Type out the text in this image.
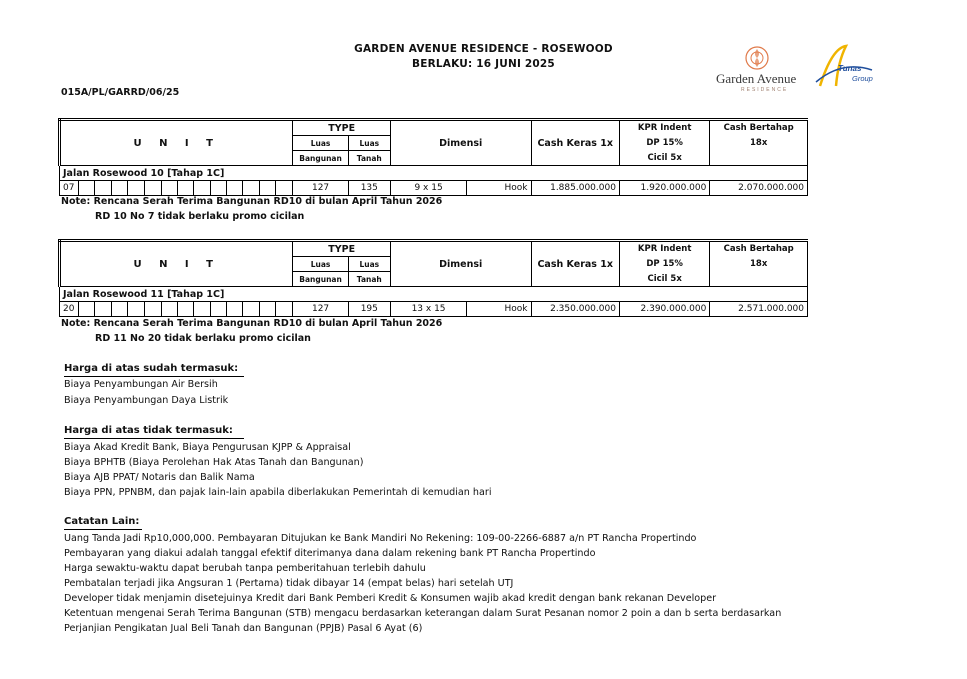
GARDEN AVENUE RESIDENCE - ROSEWOOD
BERLAKU: 16 JUNI 2025
015A/PL/GARRD/06/25
Garden Avenue
RESIDENCE
Tunas
Group
U N I T														TYPE		Dimensi		Cash Keras 1x	KPR Indent	Cash Bertahap
														Luas	Luas				DP 15%	18x
														Bangunan	Tanah				Cicil 5x	
Jalan Rosewood 10 [Tahap 1C]																				
07														127	135	9 x 15	Hook	1.885.000.000	1.920.000.000	2.070.000.000
Note: Rencana Serah Terima Bangunan RD10 di bulan April Tahun 2026
RD 10 No 7 tidak berlaku promo cicilan
U N I T														TYPE		Dimensi		Cash Keras 1x	KPR Indent	Cash Bertahap
														Luas	Luas				DP 15%	18x
														Bangunan	Tanah				Cicil 5x	
Jalan Rosewood 11 [Tahap 1C]																				
20														127	195	13 x 15	Hook	2.350.000.000	2.390.000.000	2.571.000.000
Note: Rencana Serah Terima Bangunan RD10 di bulan April Tahun 2026
RD 11 No 20 tidak berlaku promo cicilan
Harga di atas sudah termasuk:
Biaya Penyambungan Air Bersih
Biaya Penyambungan Daya Listrik
Harga di atas tidak termasuk:
Biaya Akad Kredit Bank, Biaya Pengurusan KJPP & Appraisal
Biaya BPHTB (Biaya Perolehan Hak Atas Tanah dan Bangunan)
Biaya AJB PPAT/ Notaris dan Balik Nama
Biaya PPN, PPNBM, dan pajak lain-lain apabila diberlakukan Pemerintah di kemudian hari
Catatan Lain:
Uang Tanda Jadi Rp10,000,000. Pembayaran Ditujukan ke Bank Mandiri No Rekening: 109-00-2266-6887 a/n PT Rancha Propertindo
Pembayaran yang diakui adalah tanggal efektif diterimanya dana dalam rekening bank PT Rancha Propertindo
Harga sewaktu-waktu dapat berubah tanpa pemberitahuan terlebih dahulu
Pembatalan terjadi jika Angsuran 1 (Pertama) tidak dibayar 14 (empat belas) hari setelah UTJ
Developer tidak menjamin disetejuinya Kredit dari Bank Pemberi Kredit & Konsumen wajib akad kredit dengan bank rekanan Developer
Ketentuan mengenai Serah Terima Bangunan (STB) mengacu berdasarkan keterangan dalam Surat Pesanan nomor 2 poin a dan b serta berdasarkan
Perjanjian Pengikatan Jual Beli Tanah dan Bangunan (PPJB) Pasal 6 Ayat (6)
